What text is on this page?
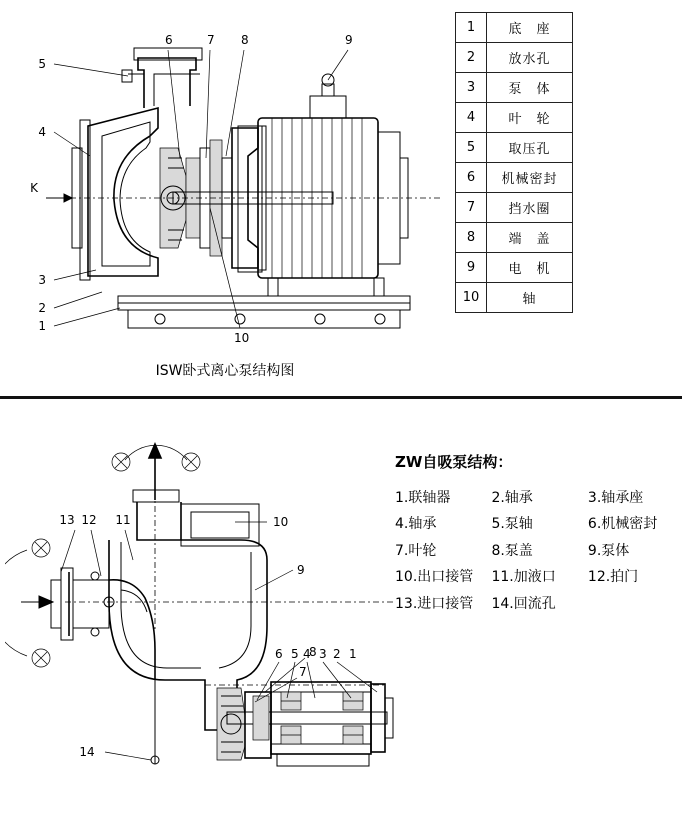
1
2
3
4
5
6	7 8	9
10
K
ISW卧式离心泵结构图
1	底　座
2	放水孔
3	泵　体
4	叶　轮
5	取压孔
6	机械密封
7	挡水圈
8	端　盖
9	电　机
10	轴
13 12 11	10
9
8
7
6 5 4 3 2 1
14
ZW自吸泵结构：
1.联轴器	2.轴承	3.轴承座
4.轴承	5.泵轴	6.机械密封
7.叶轮	8.泵盖	9.泵体
10.出口接管 11.加液口 12.拍门
13.进口接管 14.回流孔
